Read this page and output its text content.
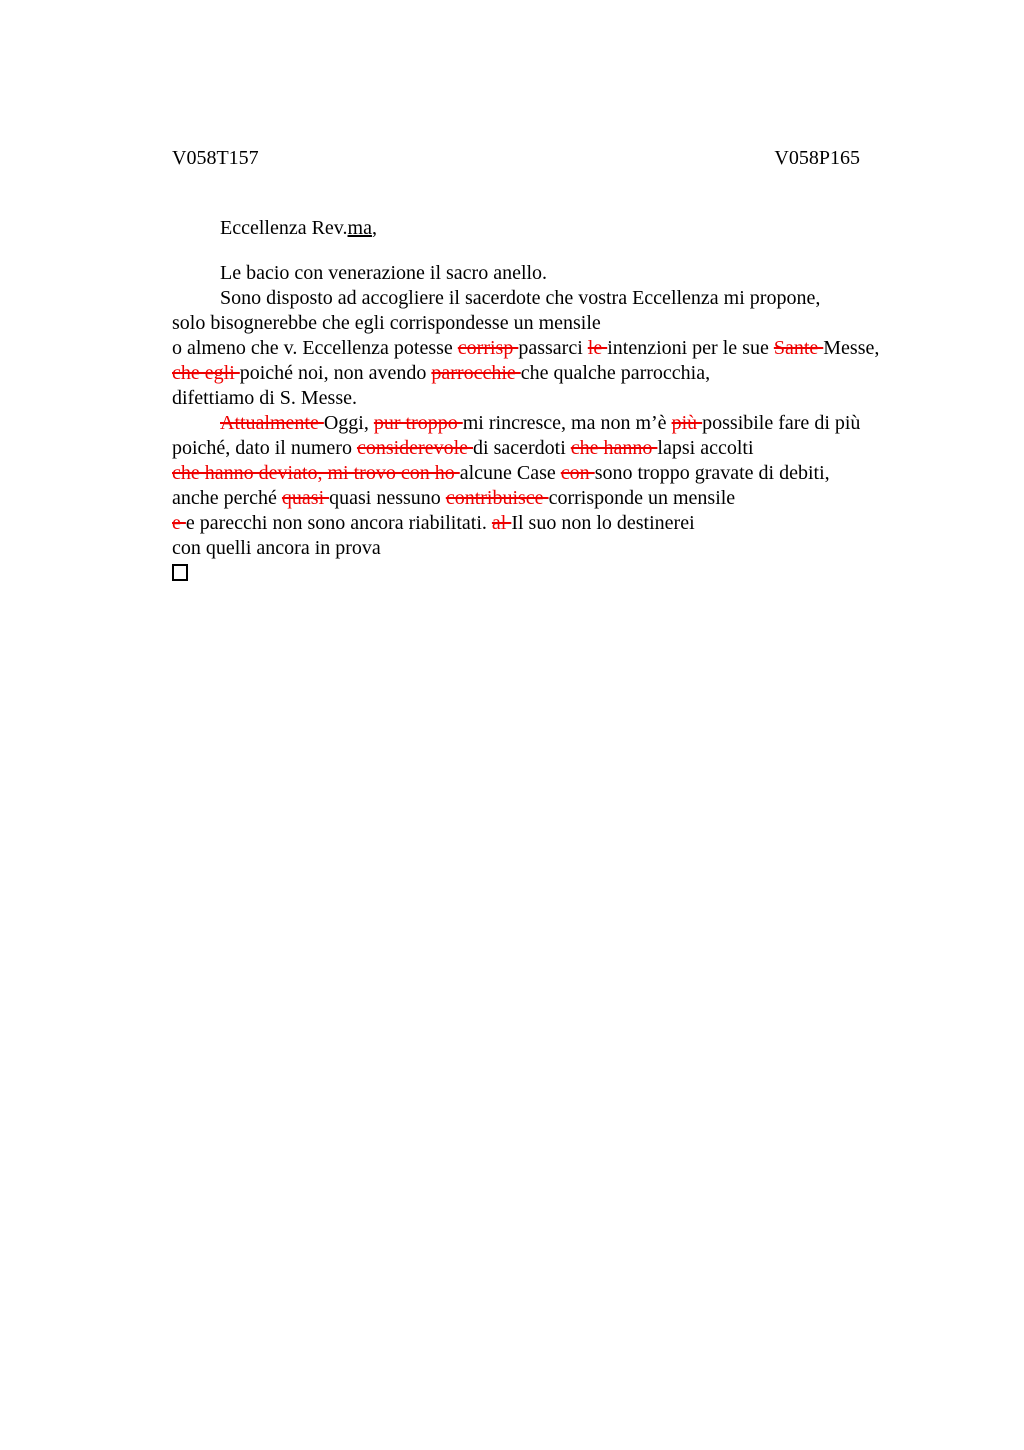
V058T157	V058P165
Eccellenza Rev.ma,
Le bacio con venerazione il sacro anello.
Sono disposto ad accogliere il sacerdote che vostra Eccellenza mi propone,
solo bisognerebbe che egli corrispondesse un mensile
o almeno che v. Eccellenza potesse corrisp passarci le intenzioni per le sue Sante Messe,
che egli poiché noi, non avendo parrocchie che qualche parrocchia,
difettiamo di S. Messe.
Attualmente Oggi, pur troppo mi rincresce, ma non m’è più possibile fare di più
poiché, dato il numero considerevole di sacerdoti che hanno lapsi accolti
che hanno deviato, mi trovo con ho alcune Case con sono troppo gravate di debiti,
anche perché quasi quasi nessuno contribuisce corrisponde un mensile
e e parecchi non sono ancora riabilitati. al Il suo non lo destinerei
con quelli ancora in prova
